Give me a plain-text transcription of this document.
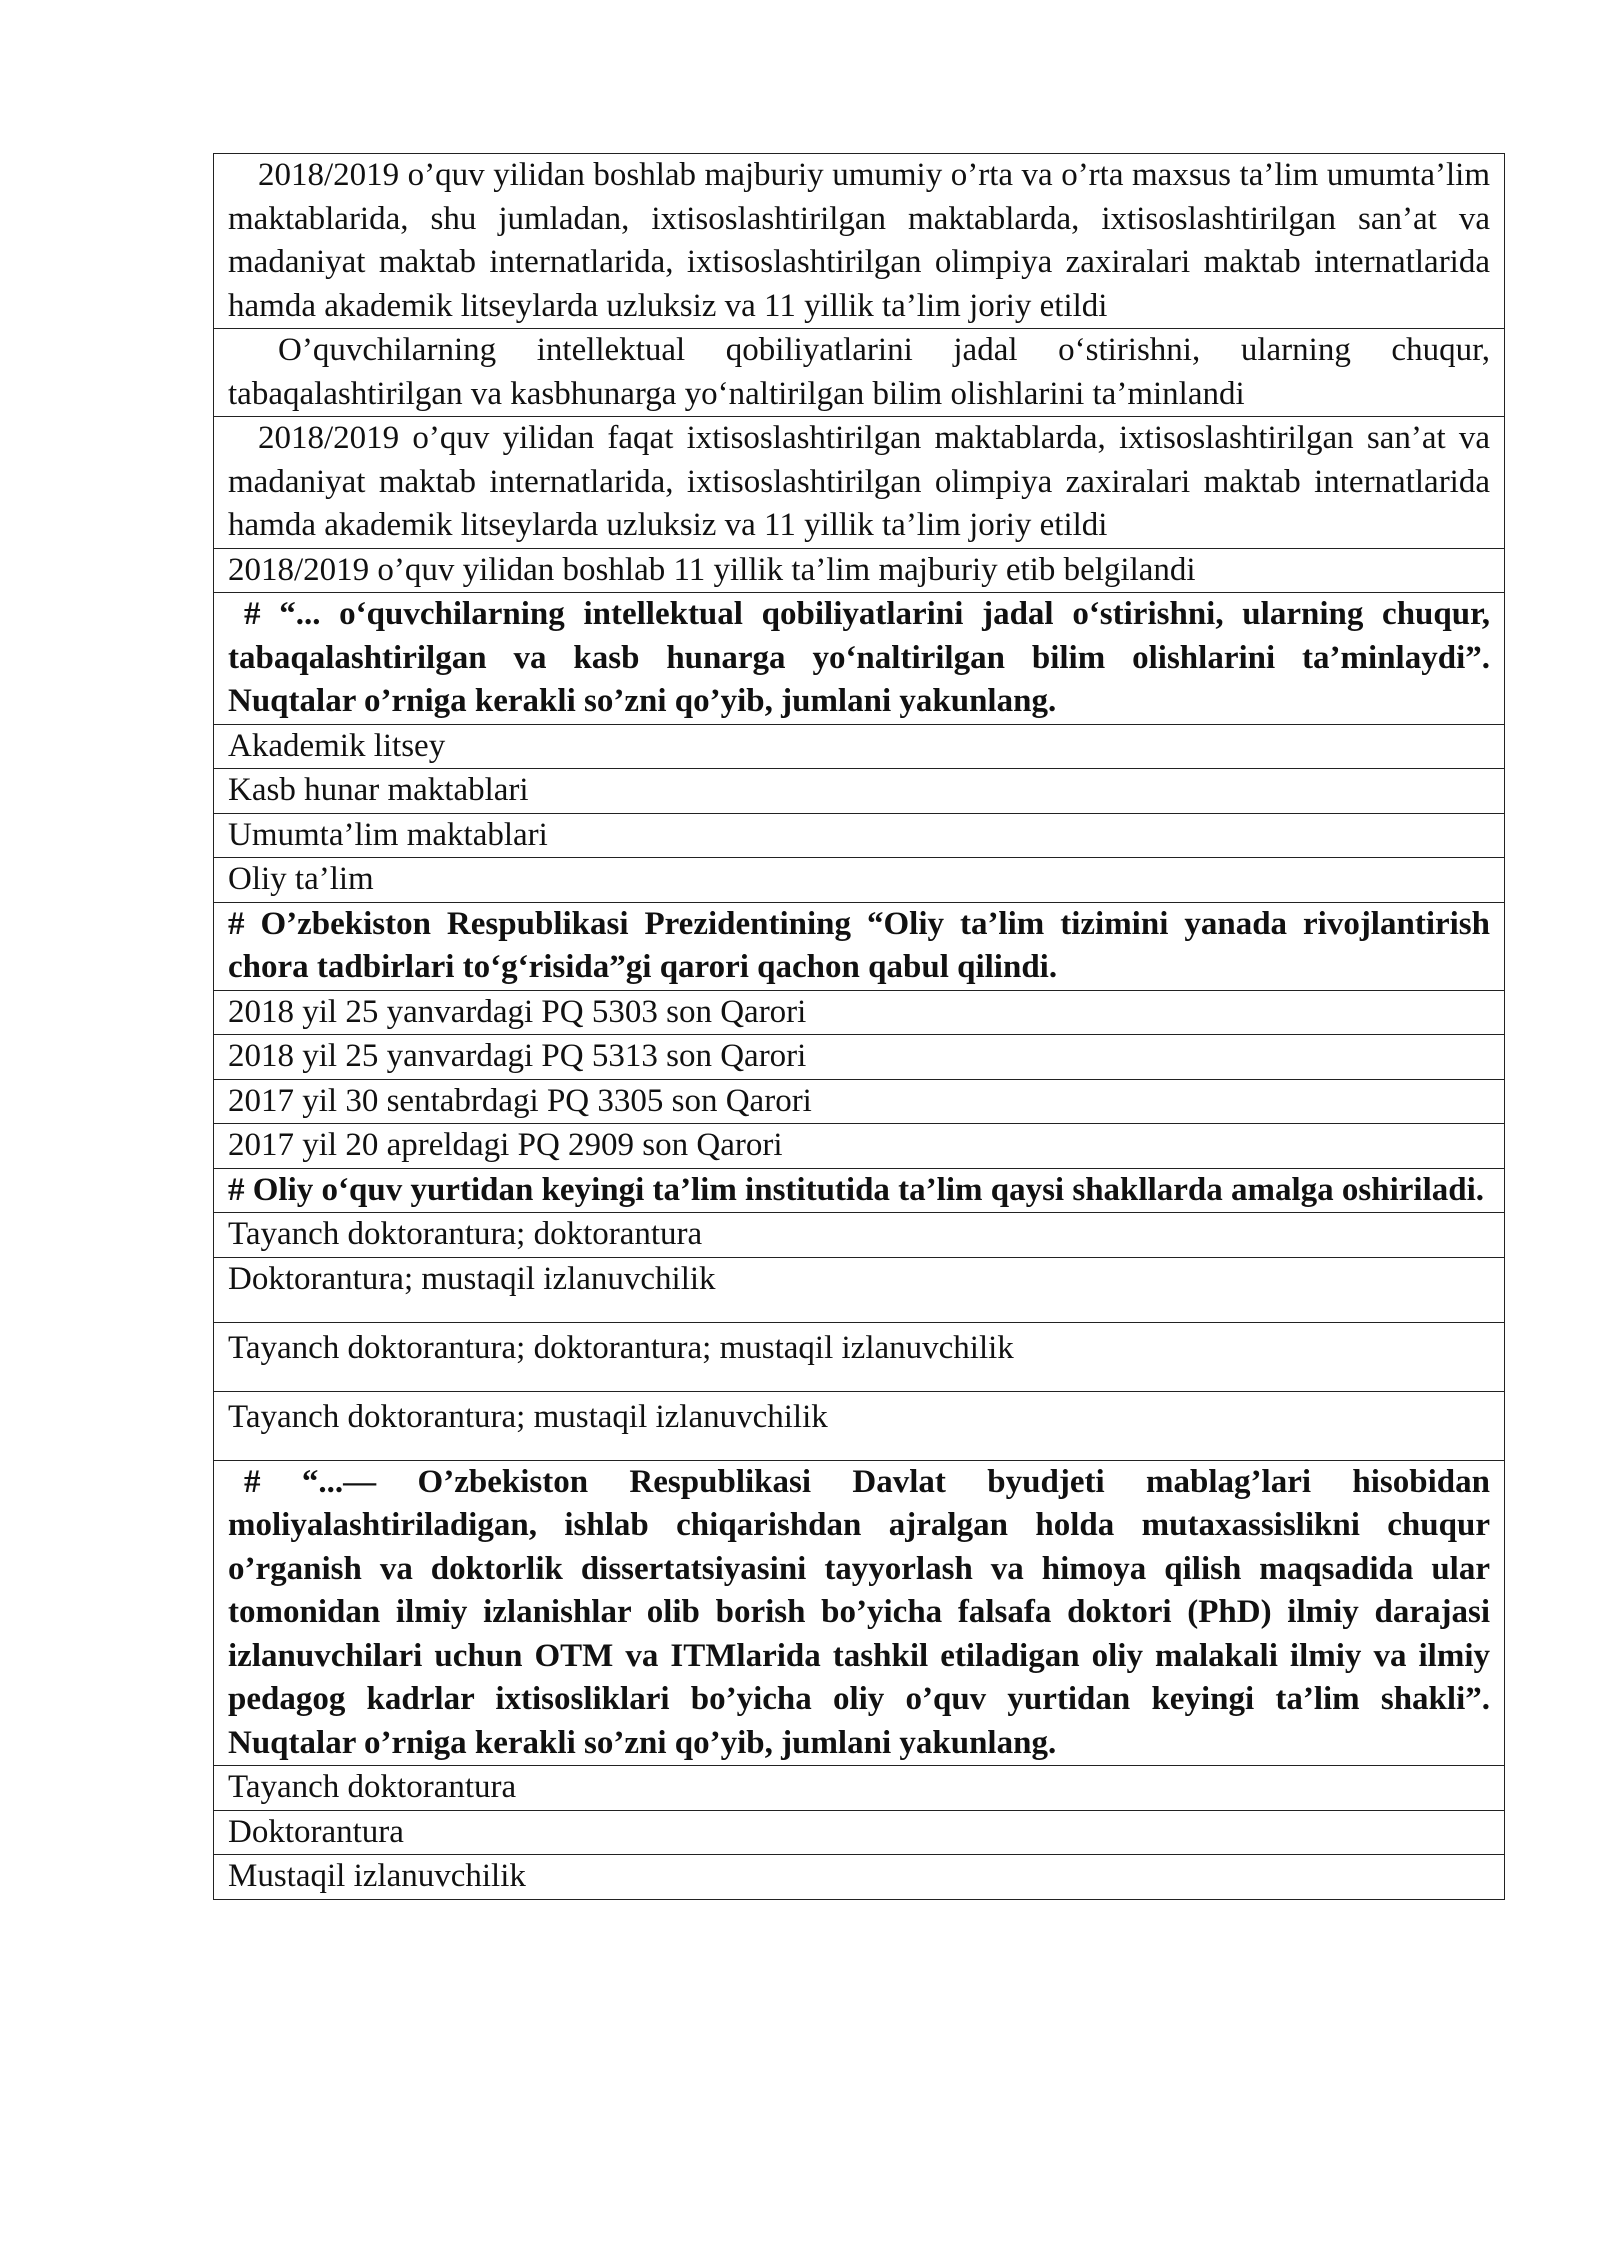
2018/2019 o’quv yilidan boshlab majburiy umumiy o’rta va o’rta maxsus ta’lim umumta’lim maktablarida, shu jumladan, ixtisoslashtirilgan maktablarda, ixtisoslashtirilgan san’at va madaniyat maktab internatlarida, ixtisoslashtirilgan olimpiya zaxiralari maktab internatlarida hamda akademik litseylarda uzluksiz va 11 yillik ta’lim joriy etildi
O’quvchilarning intellektual qobiliyatlarini jadal o‘stirishni, ularning chuqur, tabaqalashtirilgan va kasbhunarga yo‘naltirilgan bilim olishlarini ta’minlandi
2018/2019 o’quv yilidan faqat ixtisoslashtirilgan maktablarda, ixtisoslashtirilgan san’at va madaniyat maktab internatlarida, ixtisoslashtirilgan olimpiya zaxiralari maktab internatlarida hamda akademik litseylarda uzluksiz va 11 yillik ta’lim joriy etildi
2018/2019 o’quv yilidan boshlab 11 yillik ta’lim majburiy etib belgilandi
# “... o‘quvchilarning intellektual qobiliyatlarini jadal o‘stirishni, ularning chuqur, tabaqalashtirilgan va kasb hunarga yo‘naltirilgan bilim olishlarini ta’minlaydi”. Nuqtalar o’rniga kerakli so’zni qo’yib, jumlani yakunlang.
Akademik litsey
Kasb hunar maktablari
Umumta’lim maktablari
Oliy ta’lim
# O’zbekiston Respublikasi Prezidentining “Oliy ta’lim tizimini yanada rivojlantirish chora tadbirlari to‘g‘risida”gi qarori qachon qabul qilindi.
2018 yil 25 yanvardagi PQ 5303 son Qarori
2018 yil 25 yanvardagi PQ 5313 son Qarori
2017 yil 30 sentabrdagi PQ 3305 son Qarori
2017 yil 20 apreldagi PQ 2909 son Qarori
# Oliy o‘quv yurtidan keyingi ta’lim institutida ta’lim qaysi shakllarda amalga oshiriladi.
Tayanch doktorantura; doktorantura
Doktorantura; mustaqil izlanuvchilik
Tayanch doktorantura; doktorantura; mustaqil izlanuvchilik
Tayanch doktorantura; mustaqil izlanuvchilik
# “...— O’zbekiston Respublikasi Davlat byudjeti mablag’lari hisobidan moliyalashtiriladigan, ishlab chiqarishdan ajralgan holda mutaxassislikni chuqur o’rganish va doktorlik dissertatsiyasini tayyorlash va himoya qilish maqsadida ular tomonidan ilmiy izlanishlar olib borish bo’yicha falsafa doktori (PhD) ilmiy darajasi izlanuvchilari uchun OTM va ITMlarida tashkil etiladigan oliy malakali ilmiy va ilmiy pedagog kadrlar ixtisosliklari bo’yicha oliy o’quv yurtidan keyingi ta’lim shakli”. Nuqtalar o’rniga kerakli so’zni qo’yib, jumlani yakunlang.
Tayanch doktorantura
Doktorantura
Mustaqil izlanuvchilik
